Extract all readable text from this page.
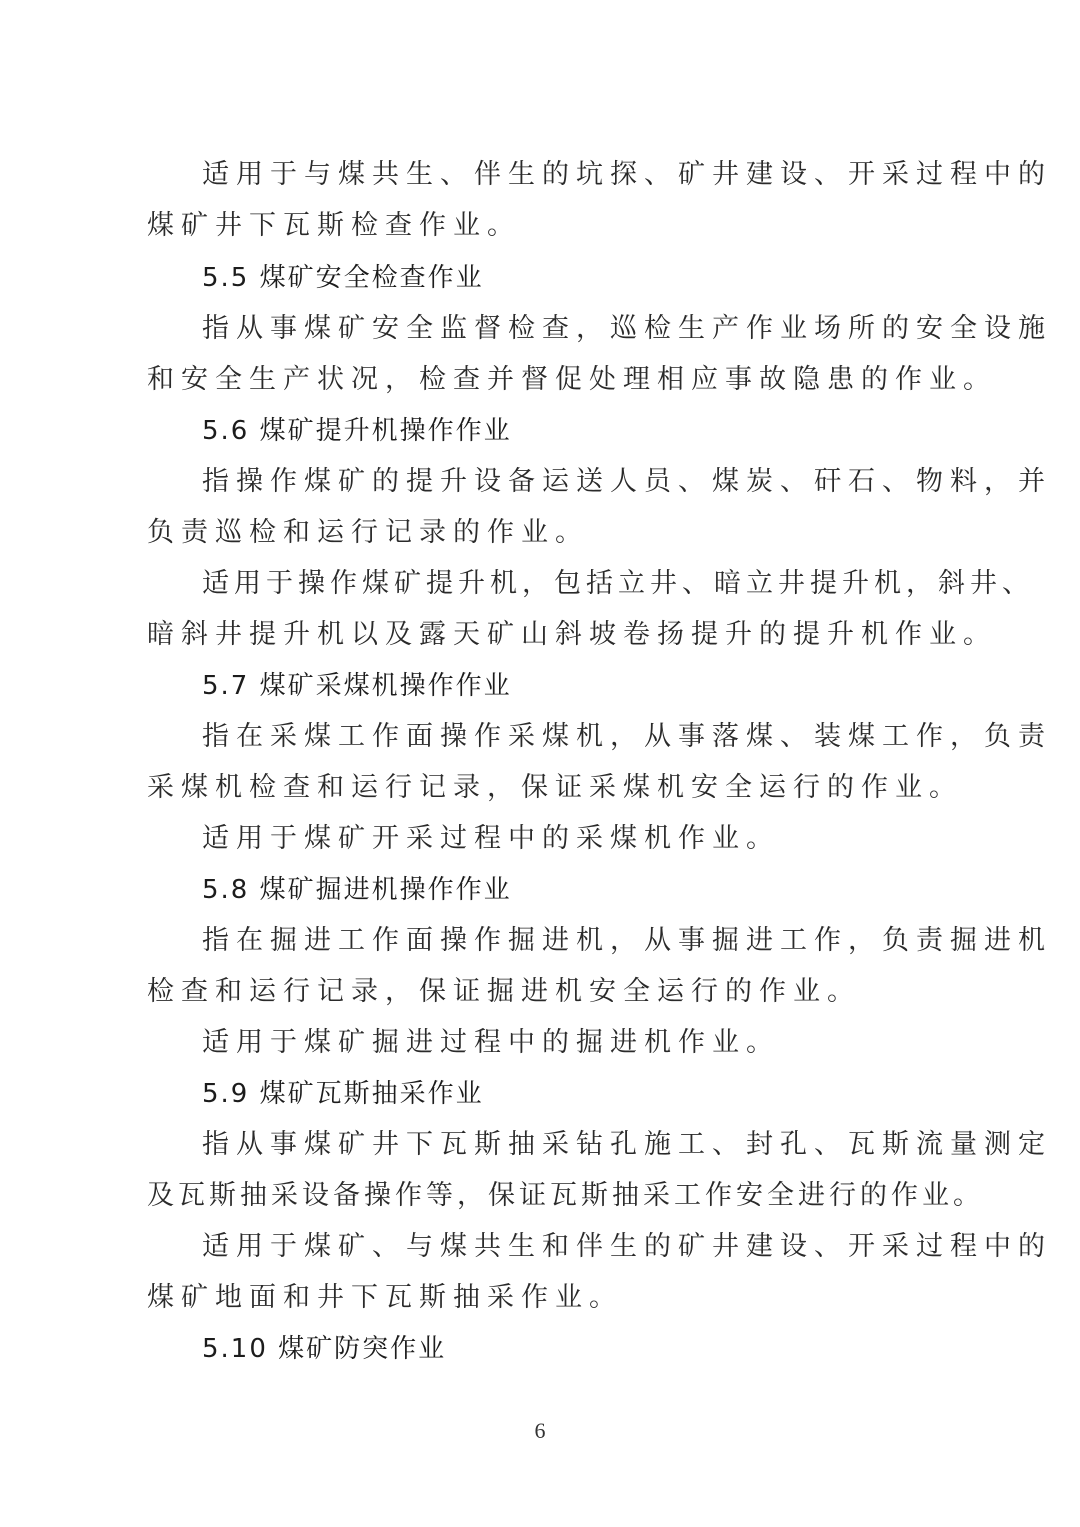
适用于与煤共生、伴生的坑探、矿井建设、开采过程中的
煤矿井下瓦斯检查作业。
5.5 煤矿安全检查作业
指从事煤矿安全监督检查，巡检生产作业场所的安全设施
和安全生产状况，检查并督促处理相应事故隐患的作业。
5.6 煤矿提升机操作作业
指操作煤矿的提升设备运送人员、煤炭、矸石、物料，并
负责巡检和运行记录的作业。
适用于操作煤矿提升机，包括立井、暗立井提升机，斜井、
暗斜井提升机以及露天矿山斜坡卷扬提升的提升机作业。
5.7 煤矿采煤机操作作业
指在采煤工作面操作采煤机，从事落煤、装煤工作，负责
采煤机检查和运行记录，保证采煤机安全运行的作业。
适用于煤矿开采过程中的采煤机作业。
5.8 煤矿掘进机操作作业
指在掘进工作面操作掘进机，从事掘进工作，负责掘进机
检查和运行记录，保证掘进机安全运行的作业。
适用于煤矿掘进过程中的掘进机作业。
5.9 煤矿瓦斯抽采作业
指从事煤矿井下瓦斯抽采钻孔施工、封孔、瓦斯流量测定
及瓦斯抽采设备操作等，保证瓦斯抽采工作安全进行的作业。
适用于煤矿、与煤共生和伴生的矿井建设、开采过程中的
煤矿地面和井下瓦斯抽采作业。
5.10 煤矿防突作业
6
